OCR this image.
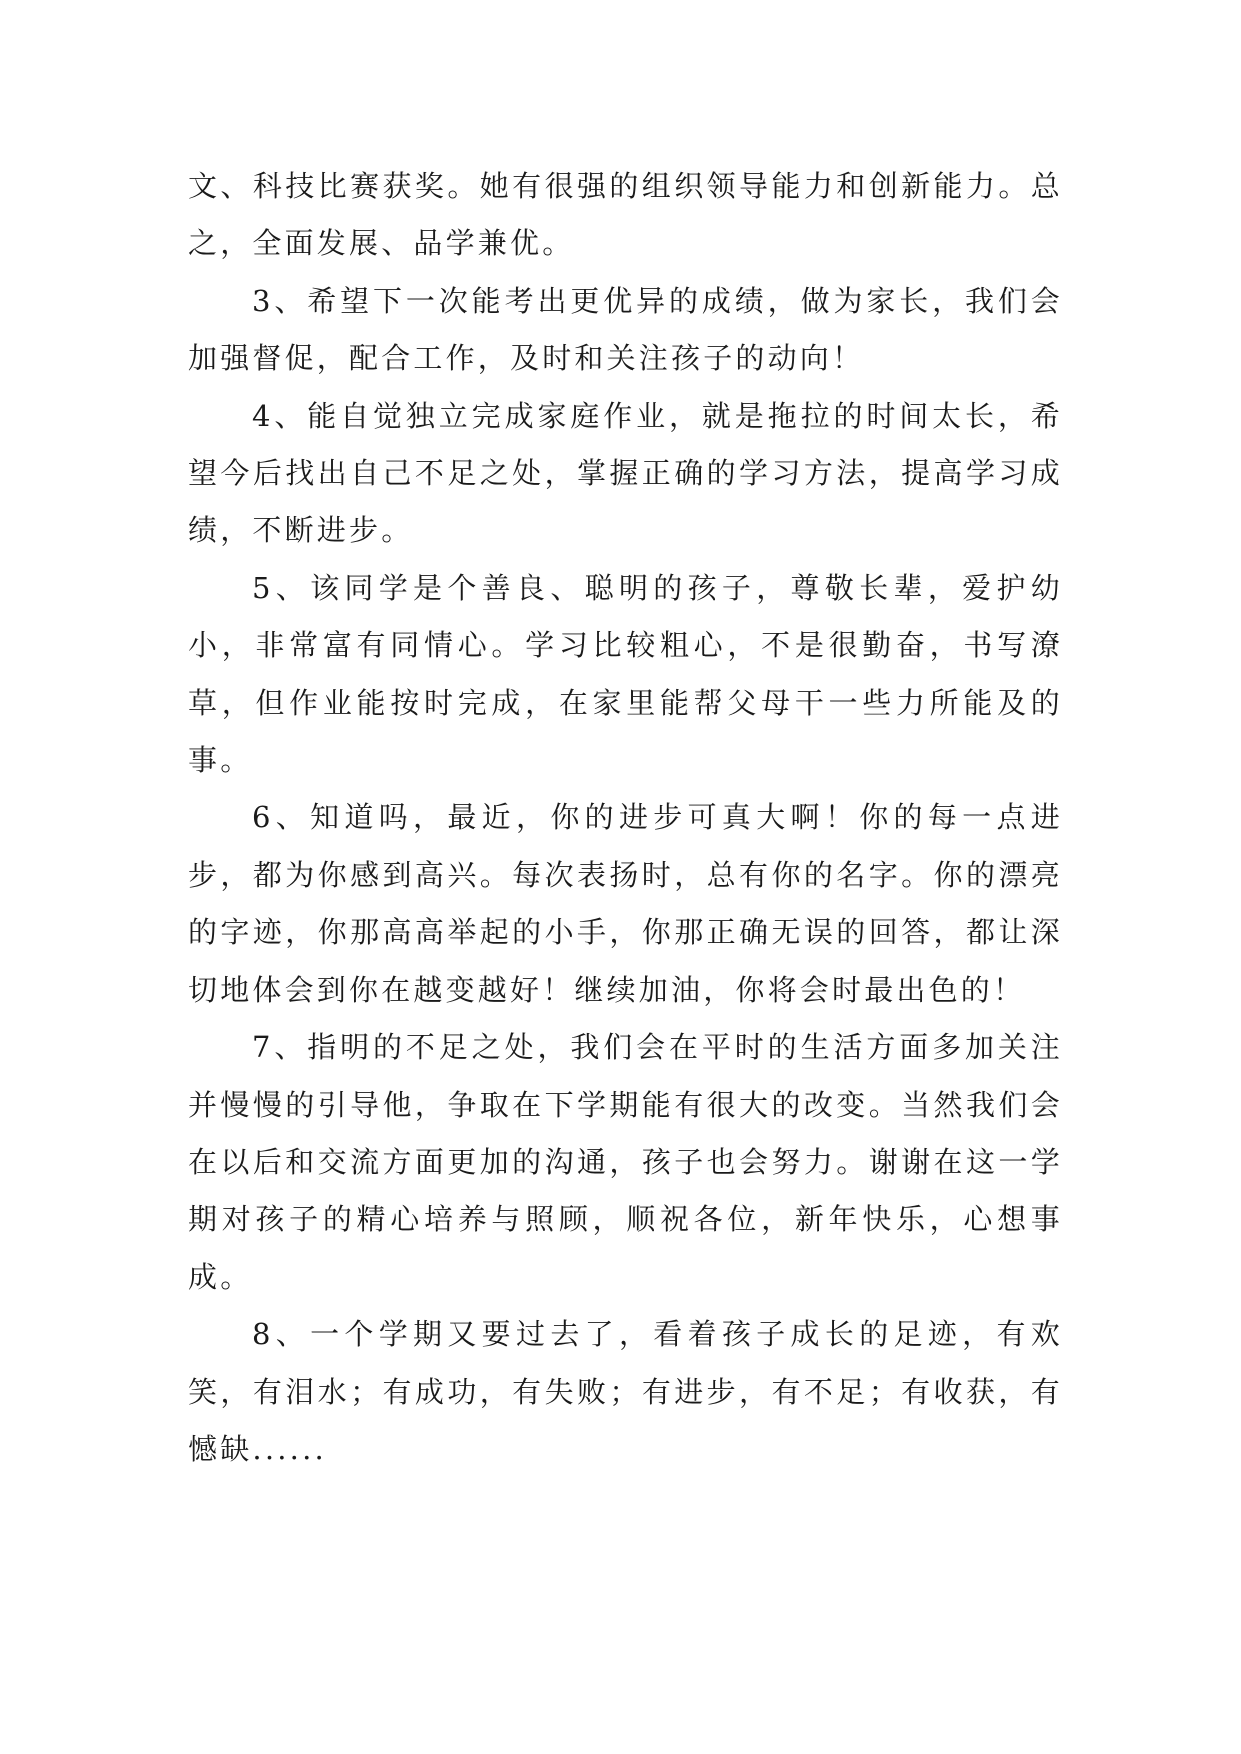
文、科技比赛获奖。她有很强的组织领导能力和创新能力。总之，全面发展、品学兼优。

3、希望下一次能考出更优异的成绩，做为家长，我们会加强督促，配合工作，及时和关注孩子的动向！

4、能自觉独立完成家庭作业，就是拖拉的时间太长，希望今后找出自己不足之处，掌握正确的学习方法，提高学习成绩，不断进步。

5、该同学是个善良、聪明的孩子，尊敬长辈，爱护幼小，非常富有同情心。学习比较粗心，不是很勤奋，书写潦草，但作业能按时完成，在家里能帮父母干一些力所能及的事。

6、知道吗，最近，你的进步可真大啊！你的每一点进步，都为你感到高兴。每次表扬时，总有你的名字。你的漂亮的字迹，你那高高举起的小手，你那正确无误的回答，都让深切地体会到你在越变越好！继续加油，你将会时最出色的！

7、指明的不足之处，我们会在平时的生活方面多加关注并慢慢的引导他，争取在下学期能有很大的改变。当然我们会在以后和交流方面更加的沟通，孩子也会努力。谢谢在这一学期对孩子的精心培养与照顾，顺祝各位，新年快乐，心想事成。

8、一个学期又要过去了，看着孩子成长的足迹，有欢笑，有泪水；有成功，有失败；有进步，有不足；有收获，有憾缺......
